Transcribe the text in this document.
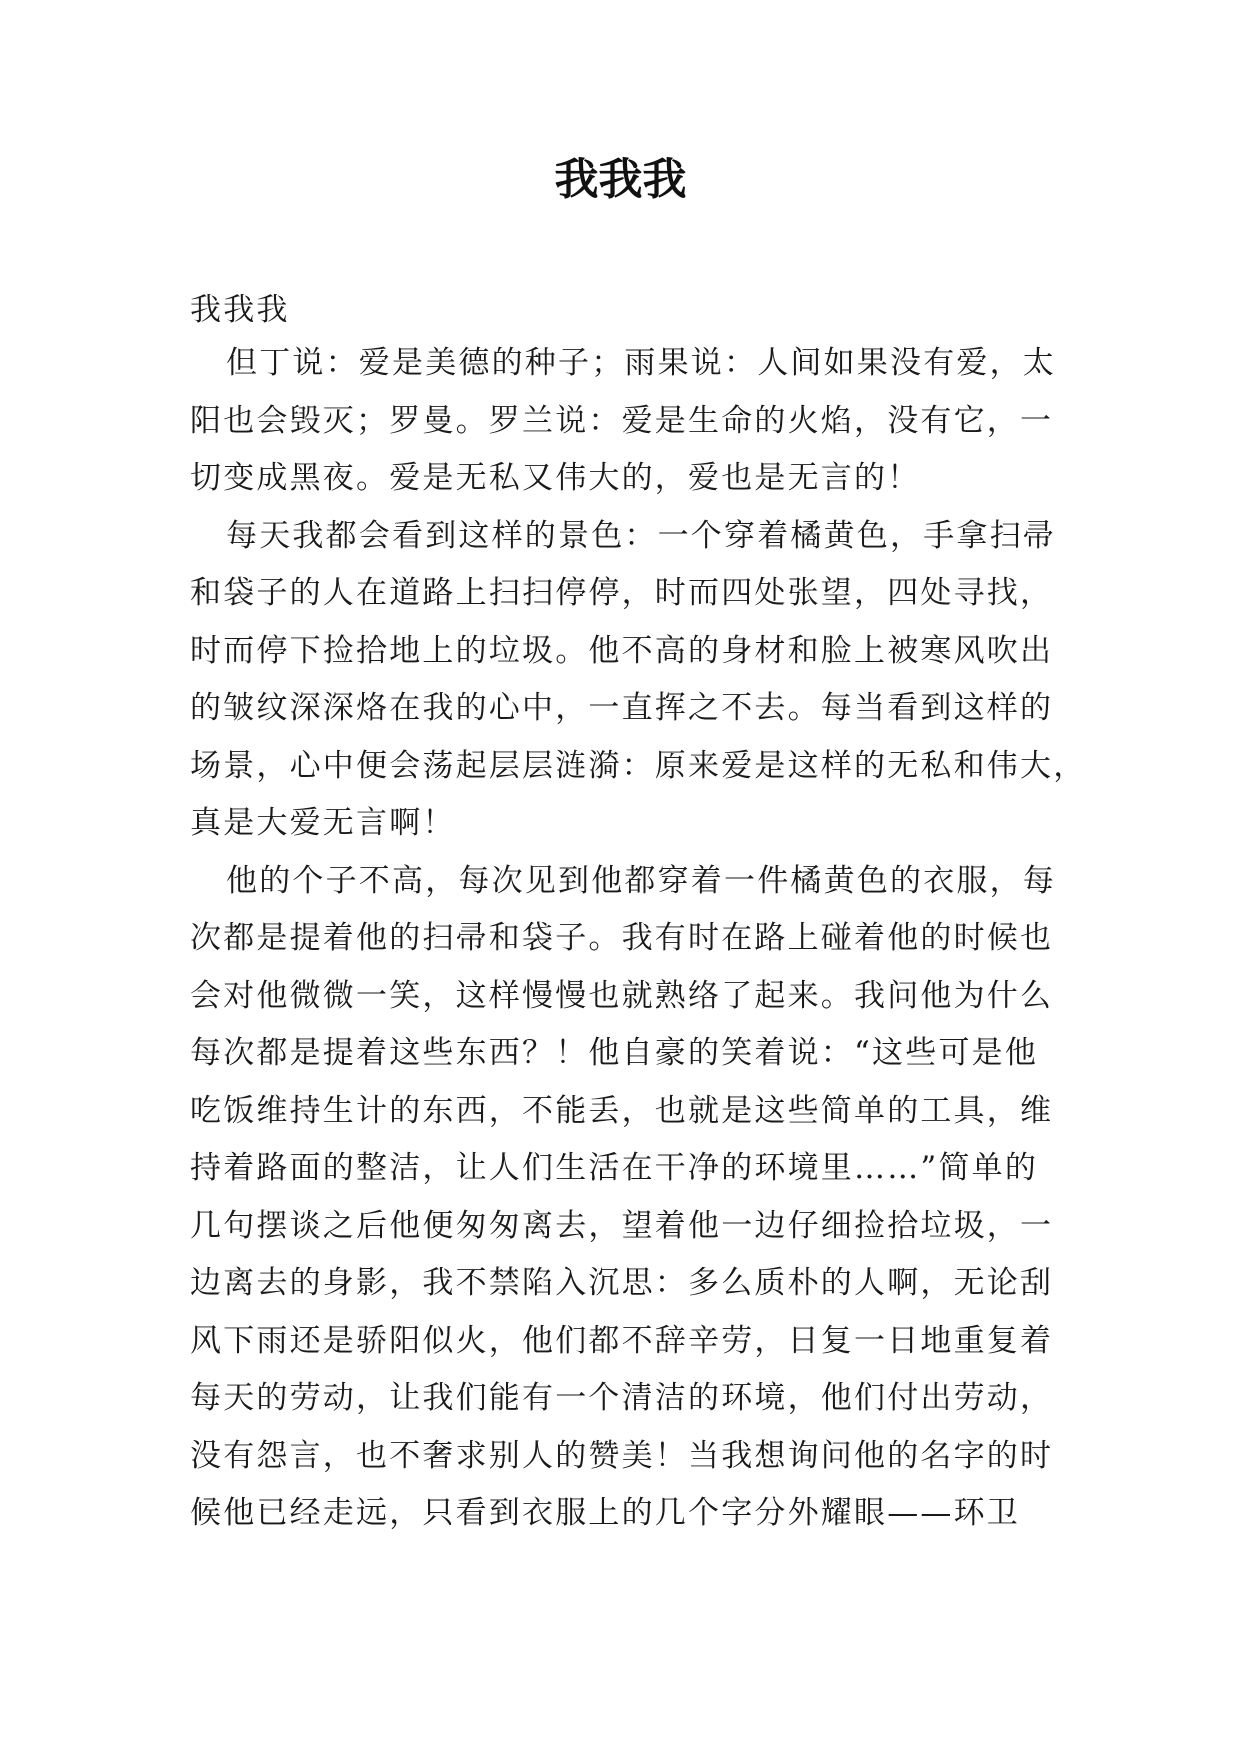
我我我

我我我

但丁说：爱是美德的种子；雨果说：人间如果没有爱，太
阳也会毁灭；罗曼。罗兰说：爱是生命的火焰，没有它，一
切变成黑夜。爱是无私又伟大的，爱也是无言的！

每天我都会看到这样的景色：一个穿着橘黄色，手拿扫帚
和袋子的人在道路上扫扫停停，时而四处张望，四处寻找，
时而停下捡拾地上的垃圾。他不高的身材和脸上被寒风吹出
的皱纹深深烙在我的心中，一直挥之不去。每当看到这样的
场景，心中便会荡起层层涟漪：原来爱是这样的无私和伟大，
真是大爱无言啊！

他的个子不高，每次见到他都穿着一件橘黄色的衣服，每
次都是提着他的扫帚和袋子。我有时在路上碰着他的时候也
会对他微微一笑，这样慢慢也就熟络了起来。我问他为什么
每次都是提着这些东西？！他自豪的笑着说：“这些可是他
吃饭维持生计的东西，不能丢，也就是这些简单的工具，维
持着路面的整洁，让人们生活在干净的环境里……”简单的
几句摆谈之后他便匆匆离去，望着他一边仔细捡拾垃圾，一
边离去的身影，我不禁陷入沉思：多么质朴的人啊，无论刮
风下雨还是骄阳似火，他们都不辞辛劳，日复一日地重复着
每天的劳动，让我们能有一个清洁的环境，他们付出劳动，
没有怨言，也不奢求别人的赞美！当我想询问他的名字的时
候他已经走远，只看到衣服上的几个字分外耀眼——环卫
